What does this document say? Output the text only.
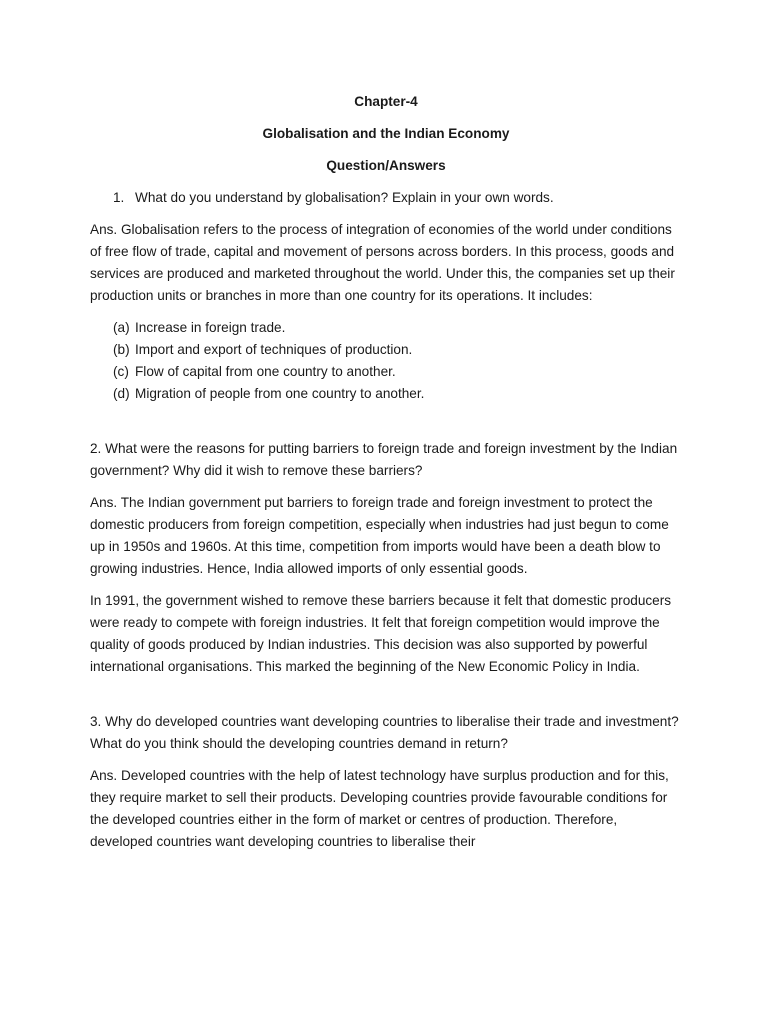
Chapter-4
Globalisation and the Indian Economy
Question/Answers
1. What do you understand by globalisation? Explain in your own words.

Ans. Globalisation refers to the process of integration of economies of the world under conditions of free flow of trade, capital and movement of persons across borders. In this process, goods and services are produced and marketed throughout the world. Under this, the companies set up their production units or branches in more than one country for its operations. It includes:

(a) Increase in foreign trade.
(b) Import and export of techniques of production.
(c) Flow of capital from one country to another.
(d) Migration of people from one country to another.

2. What were the reasons for putting barriers to foreign trade and foreign investment by the Indian government? Why did it wish to remove these barriers?

Ans. The Indian government put barriers to foreign trade and foreign investment to protect the domestic producers from foreign competition, especially when industries had just begun to come up in 1950s and 1960s. At this time, competition from imports would have been a death blow to growing industries. Hence, India allowed imports of only essential goods.

In 1991, the government wished to remove these barriers because it felt that domestic producers were ready to compete with foreign industries. It felt that foreign competition would improve the quality of goods produced by Indian industries. This decision was also supported by powerful international organisations. This marked the beginning of the New Economic Policy in India.

3. Why do developed countries want developing countries to liberalise their trade and investment? What do you think should the developing countries demand in return?

Ans. Developed countries with the help of latest technology have surplus production and for this, they require market to sell their products. Developing countries provide favourable conditions for the developed countries either in the form of market or centres of production. Therefore, developed countries want developing countries to liberalise their
